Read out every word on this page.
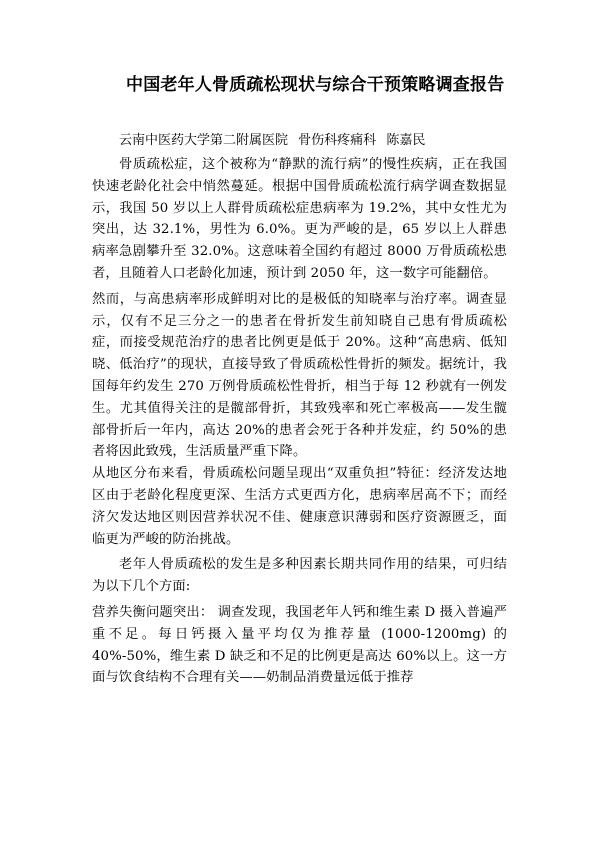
中国老年人骨质疏松现状与综合干预策略调查报告
云南中医药大学第二附属医院 骨伤科疼痛科 陈嘉民

骨质疏松症，这个被称为“静默的流行病”的慢性疾病，正在我国快速老龄化社会中悄然蔓延。根据中国骨质疏松流行病学调查数据显示，我国 50 岁以上人群骨质疏松症患病率为 19.2%，其中女性尤为突出，达 32.1%，男性为 6.0%。更为严峻的是，65 岁以上人群患病率急剧攀升至 32.0%。这意味着全国约有超过 8000 万骨质疏松患者，且随着人口老龄化加速，预计到 2050 年，这一数字可能翻倍。

然而，与高患病率形成鲜明对比的是极低的知晓率与治疗率。调查显示，仅有不足三分之一的患者在骨折发生前知晓自己患有骨质疏松症，而接受规范治疗的患者比例更是低于 20%。这种“高患病、低知晓、低治疗”的现状，直接导致了骨质疏松性骨折的频发。据统计，我国每年约发生 270 万例骨质疏松性骨折，相当于每 12 秒就有一例发生。尤其值得关注的是髋部骨折，其致残率和死亡率极高——发生髋部骨折后一年内，高达 20%的患者会死于各种并发症，约 50%的患者将因此致残，生活质量严重下降。

从地区分布来看，骨质疏松问题呈现出“双重负担”特征：经济发达地区由于老龄化程度更深、生活方式更西方化，患病率居高不下；而经济欠发达地区则因营养状况不佳、健康意识薄弱和医疗资源匮乏，面临更为严峻的防治挑战。

老年人骨质疏松的发生是多种因素长期共同作用的结果，可归结为以下几个方面:

营养失衡问题突出： 调查发现，我国老年人钙和维生素 D 摄入普遍严重不足。每日钙摄入量平均仅为推荐量 (1000-1200mg) 的 40%-50%，维生素 D 缺乏和不足的比例更是高达 60%以上。这一方面与饮食结构不合理有关——奶制品消费量远低于推荐
